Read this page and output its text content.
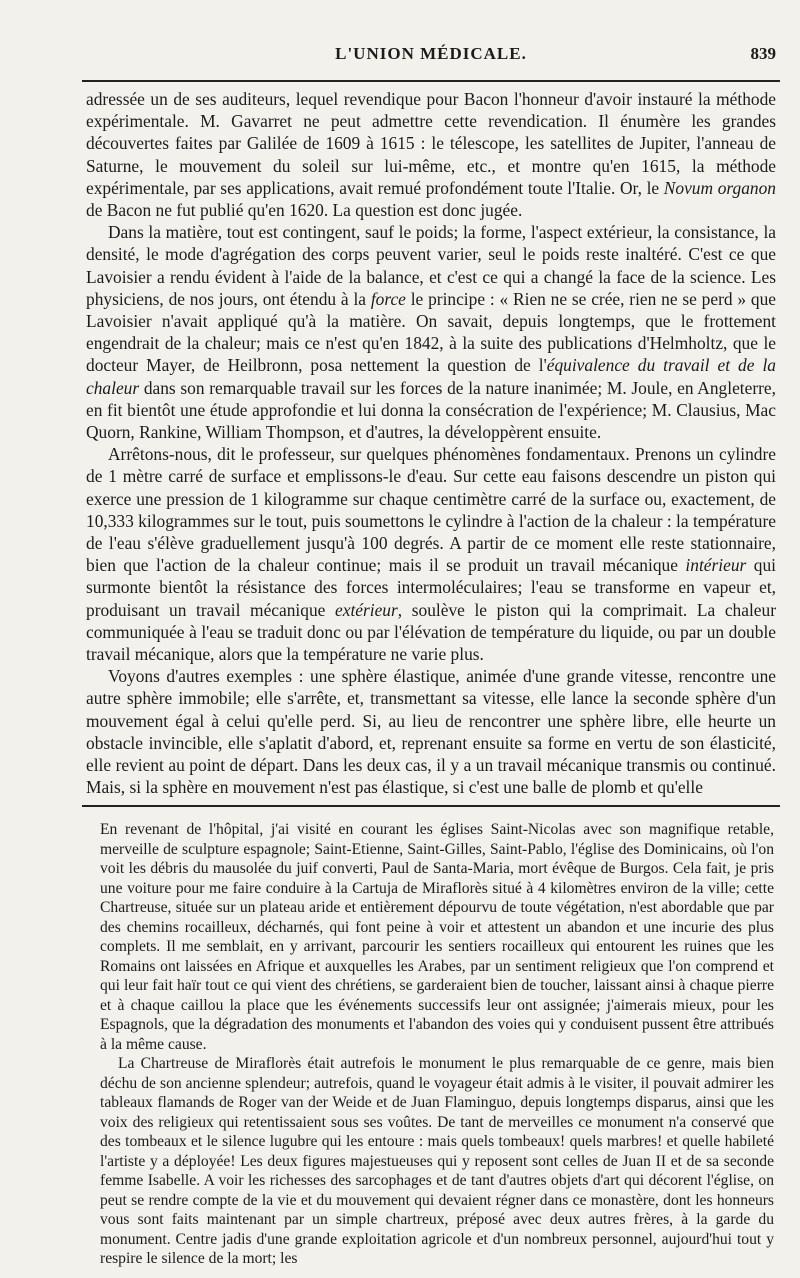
L'UNION MÉDICALE.	839

adressée un de ses auditeurs, lequel revendique pour Bacon l'honneur d'avoir instauré la méthode expérimentale. M. Gavarret ne peut admettre cette revendication. Il énumère les grandes découvertes faites par Galilée de 1609 à 1615 : le télescope, les satellites de Jupiter, l'anneau de Saturne, le mouvement du soleil sur lui-même, etc., et montre qu'en 1615, la méthode expérimentale, par ses applications, avait remué profondément toute l'Italie. Or, le Novum organon de Bacon ne fut publié qu'en 1620. La question est donc jugée.

Dans la matière, tout est contingent, sauf le poids; la forme, l'aspect extérieur, la consistance, la densité, le mode d'agrégation des corps peuvent varier, seul le poids reste inaltéré. C'est ce que Lavoisier a rendu évident à l'aide de la balance, et c'est ce qui a changé la face de la science. Les physiciens, de nos jours, ont étendu à la force le principe : « Rien ne se crée, rien ne se perd » que Lavoisier n'avait appliqué qu'à la matière. On savait, depuis longtemps, que le frottement engendrait de la chaleur; mais ce n'est qu'en 1842, à la suite des publications d'Helmholtz, que le docteur Mayer, de Heilbronn, posa nettement la question de l'équivalence du travail et de la chaleur dans son remarquable travail sur les forces de la nature inanimée; M. Joule, en Angleterre, en fit bientôt une étude approfondie et lui donna la consécration de l'expérience; M. Clausius, Mac Quorn, Rankine, William Thompson, et d'autres, la développèrent ensuite.

Arrêtons-nous, dit le professeur, sur quelques phénomènes fondamentaux. Prenons un cylindre de 1 mètre carré de surface et emplissons-le d'eau. Sur cette eau faisons descendre un piston qui exerce une pression de 1 kilogramme sur chaque centimètre carré de la surface ou, exactement, de 10,333 kilogrammes sur le tout, puis soumettons le cylindre à l'action de la chaleur : la température de l'eau s'élève graduellement jusqu'à 100 degrés. A partir de ce moment elle reste stationnaire, bien que l'action de la chaleur continue; mais il se produit un travail mécanique intérieur qui surmonte bientôt la résistance des forces intermoléculaires; l'eau se transforme en vapeur et, produisant un travail mécanique extérieur, soulève le piston qui la comprimait. La chaleur communiquée à l'eau se traduit donc ou par l'élévation de température du liquide, ou par un double travail mécanique, alors que la température ne varie plus.

Voyons d'autres exemples : une sphère élastique, animée d'une grande vitesse, rencontre une autre sphère immobile; elle s'arrête, et, transmettant sa vitesse, elle lance la seconde sphère d'un mouvement égal à celui qu'elle perd. Si, au lieu de rencontrer une sphère libre, elle heurte un obstacle invincible, elle s'aplatit d'abord, et, reprenant ensuite sa forme en vertu de son élasticité, elle revient au point de départ. Dans les deux cas, il y a un travail mécanique transmis ou continué. Mais, si la sphère en mouvement n'est pas élastique, si c'est une balle de plomb et qu'elle

En revenant de l'hôpital, j'ai visité en courant les églises Saint-Nicolas avec son magnifique retable, merveille de sculpture espagnole; Saint-Etienne, Saint-Gilles, Saint-Pablo, l'église des Dominicains, où l'on voit les débris du mausolée du juif converti, Paul de Santa-Maria, mort évêque de Burgos. Cela fait, je pris une voiture pour me faire conduire à la Cartuja de Miraflorès situé à 4 kilomètres environ de la ville; cette Chartreuse, située sur un plateau aride et entièrement dépourvu de toute végétation, n'est abordable que par des chemins rocailleux, décharnés, qui font peine à voir et attestent un abandon et une incurie des plus complets. Il me semblait, en y arrivant, parcourir les sentiers rocailleux qui entourent les ruines que les Romains ont laissées en Afrique et auxquelles les Arabes, par un sentiment religieux que l'on comprend et qui leur fait haïr tout ce qui vient des chrétiens, se garderaient bien de toucher, laissant ainsi à chaque pierre et à chaque caillou la place que les événements successifs leur ont assignée; j'aimerais mieux, pour les Espagnols, que la dégradation des monuments et l'abandon des voies qui y conduisent pussent être attribués à la même cause.

La Chartreuse de Miraflorès était autrefois le monument le plus remarquable de ce genre, mais bien déchu de son ancienne splendeur; autrefois, quand le voyageur était admis à le visiter, il pouvait admirer les tableaux flamands de Roger van der Weide et de Juan Flaminguo, depuis longtemps disparus, ainsi que les voix des religieux qui retentissaient sous ses voûtes. De tant de merveilles ce monument n'a conservé que des tombeaux et le silence lugubre qui les entoure : mais quels tombeaux! quels marbres! et quelle habileté l'artiste y a déployée! Les deux figures majestueuses qui y reposent sont celles de Juan II et de sa seconde femme Isabelle. A voir les richesses des sarcophages et de tant d'autres objets d'art qui décorent l'église, on peut se rendre compte de la vie et du mouvement qui devaient régner dans ce monastère, dont les honneurs vous sont faits maintenant par un simple chartreux, préposé avec deux autres frères, à la garde du monument. Centre jadis d'une grande exploitation agricole et d'un nombreux personnel, aujourd'hui tout y respire le silence de la mort; les
